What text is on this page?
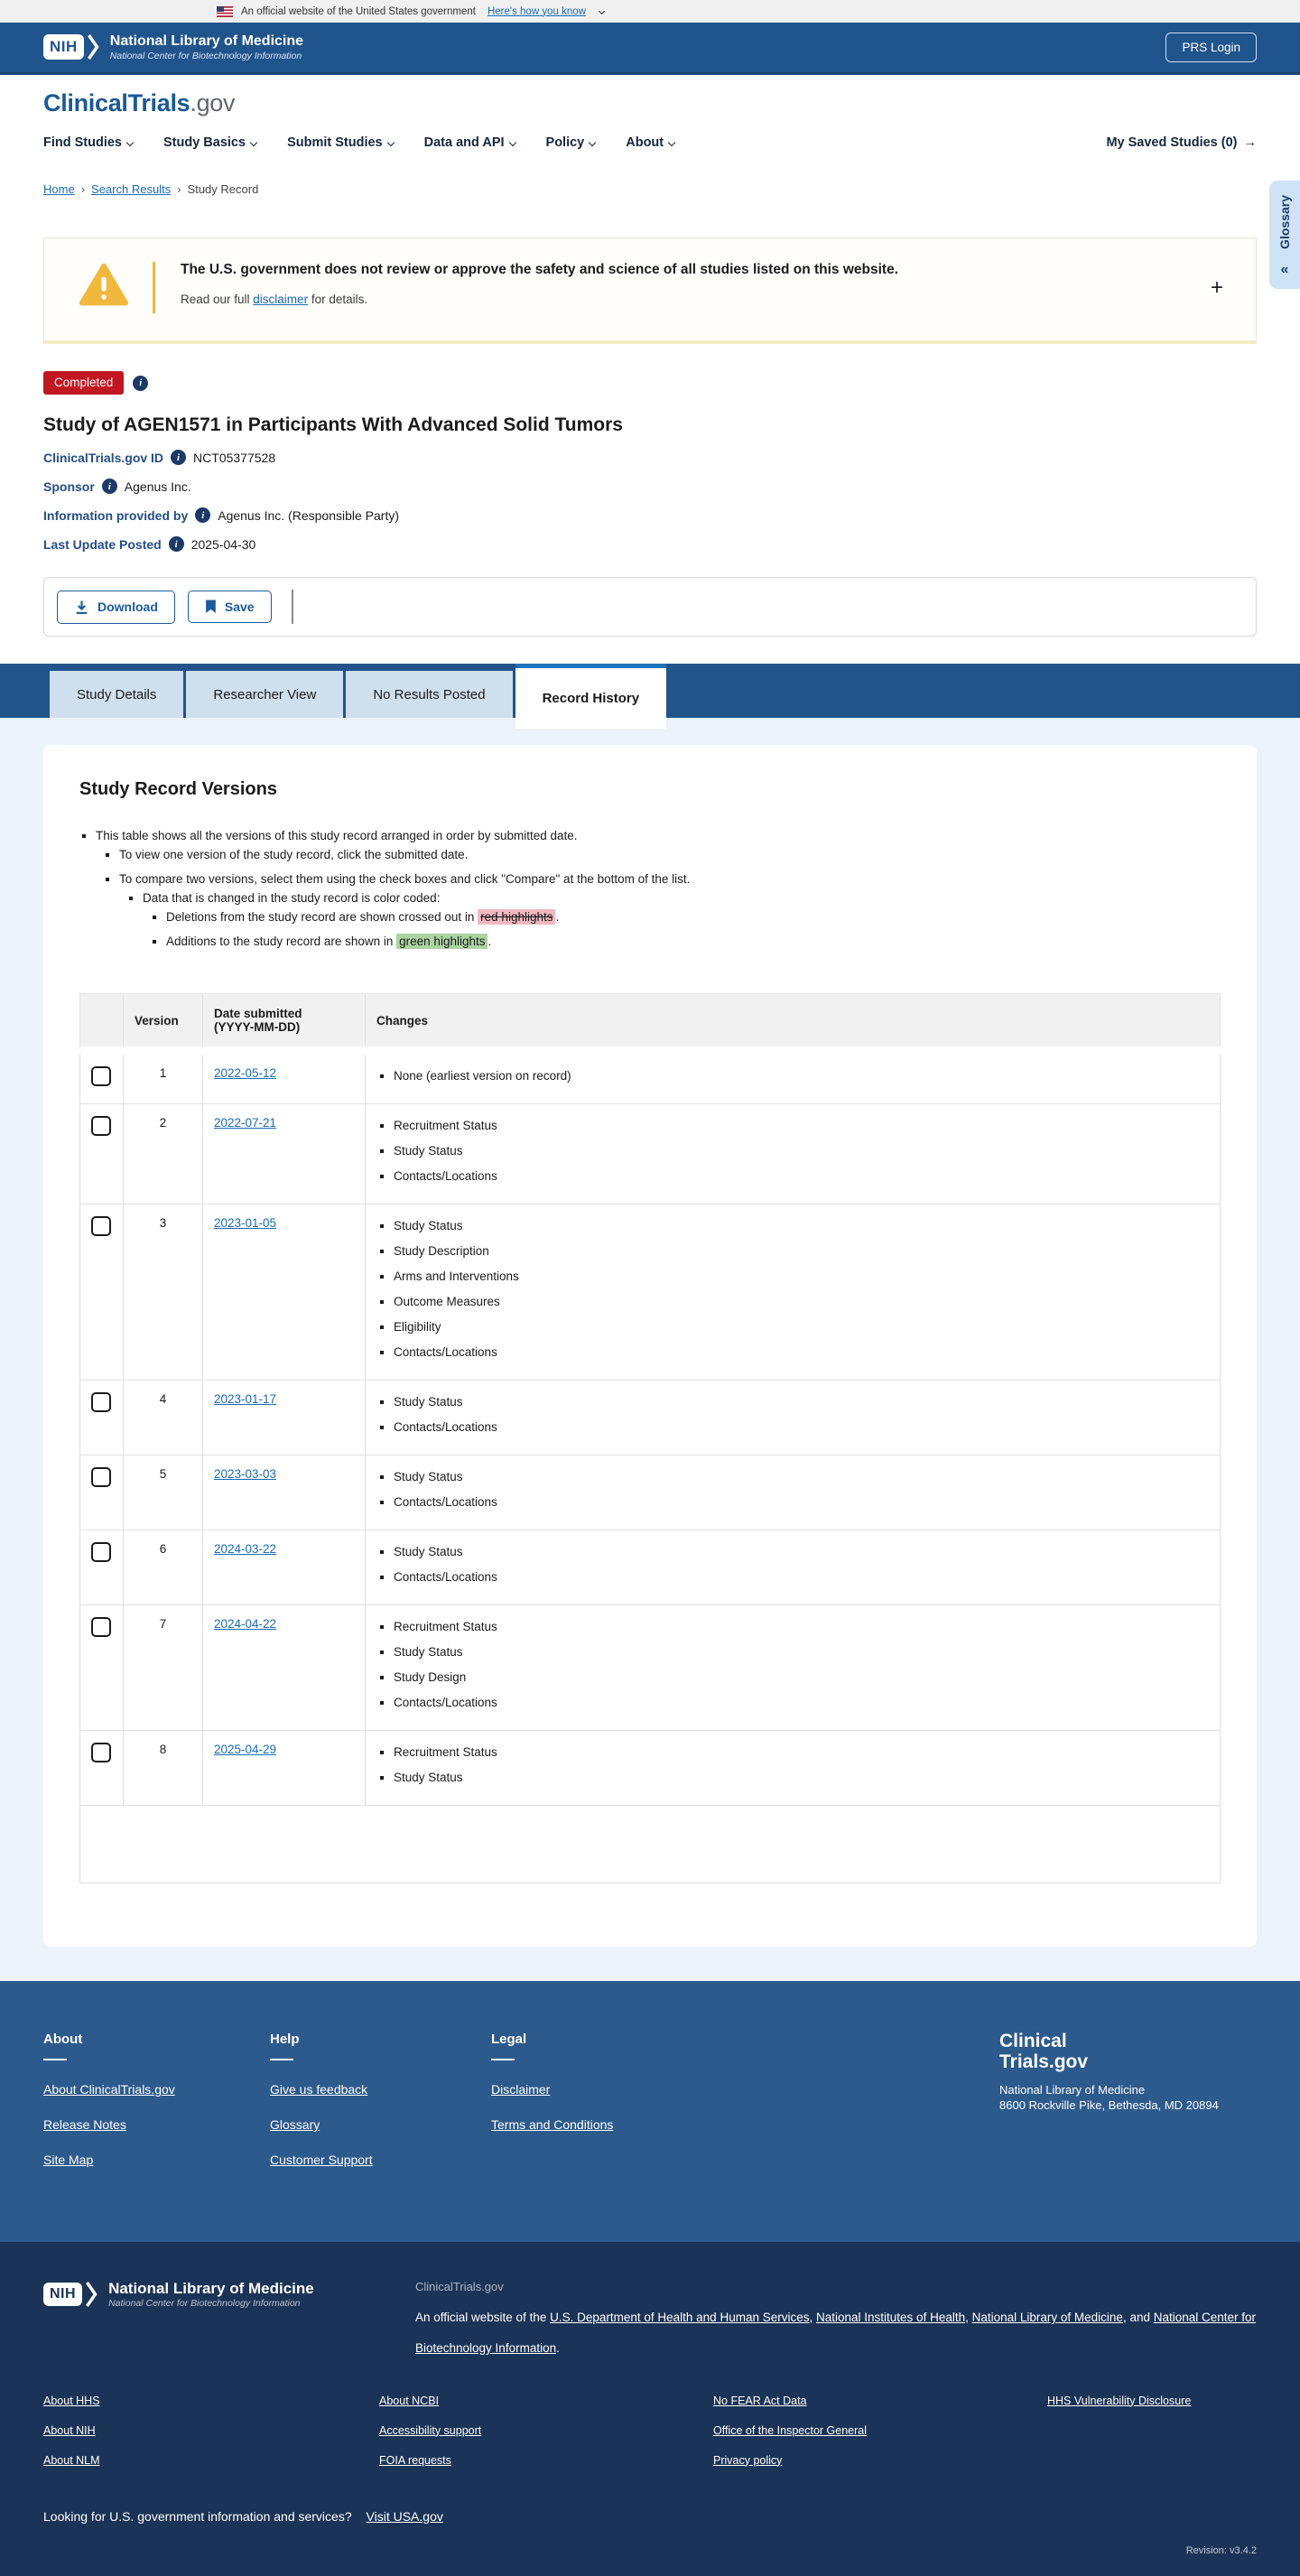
An official website of the United States government Here's how you know
NIH	National Library of Medicine
National Center for Biotechnology Information
PRS Login
ClinicalTrials.gov
Find Studies	Study Basics	Submit Studies	Data and API	Policy	About	My Saved Studies (0) →
Home › Search Results › Study Record
The U.S. government does not review or approve the safety and science of all studies listed on this website.
Read our full disclaimer for details.	+
Completed
i
Study of AGEN1571 in Participants With Advanced Solid Tumors
ClinicalTrials.gov ID i NCT05377528
Sponsor i Agenus Inc.
Information provided by i Agenus Inc. (Responsible Party)
Last Update Posted i 2025-04-30
Download	Save
Study Details	Researcher View	No Results Posted	Record History
Study Record Versions
▪ This table shows all the versions of this study record arranged in order by submitted date.
▪ To view one version of the study record, click the submitted date.
▪ To compare two versions, select them using the check boxes and click "Compare" at the bottom of the list.
▪ Data that is changed in the study record is color coded:
▪ Deletions from the study record are shown crossed out in red highlights .
▪ Additions to the study record are shown in green highlights .
	Version	Date submitted
(YYYY-MM-DD)	Changes
	1	2022-05-12	
▪None (earliest version on record)

	2	2022-07-21	
▪Recruitment Status
▪ Study Status
▪ Contacts/Locations

	3	2023-01-05	
▪Study Status
▪ Study Description
▪ Arms and Interventions
▪ Outcome Measures
▪ Eligibility
▪ Contacts/Locations

	4	2023-01-17	
▪Study Status
▪ Contacts/Locations

	5	2023-03-03	
▪Study Status
▪ Contacts/Locations

	6	2024-03-22	
▪Study Status
▪ Contacts/Locations

	7	2024-04-22	
▪Recruitment Status
▪ Study Status
▪ Study Design
▪ Contacts/Locations

	8	2025-04-29	
▪Recruitment Status
▪ Study Status

About
About ClinicalTrials.gov
Release Notes
Site Map
Help
Give us feedback
Glossary
Customer Support
Legal
Disclaimer
Terms and Conditions
Clinical
Trials.gov
National Library of Medicine
8600 Rockville Pike, Bethesda, MD 20894
NIH	National Library of Medicine
National Center for Biotechnology Information
ClinicalTrials.gov
An official website of the U.S. Department of Health and Human Services, National Institutes of Health, National Library of Medicine, and National Center for Biotechnology Information.
About HHS
About NIH
About NLM
About NCBI
Accessibility support
FOIA requests
No FEAR Act Data
Office of the Inspector General
Privacy policy
HHS Vulnerability Disclosure
Looking for U.S. government information and services? Visit USA.gov
Revision: v3.4.2
Glossary
«
